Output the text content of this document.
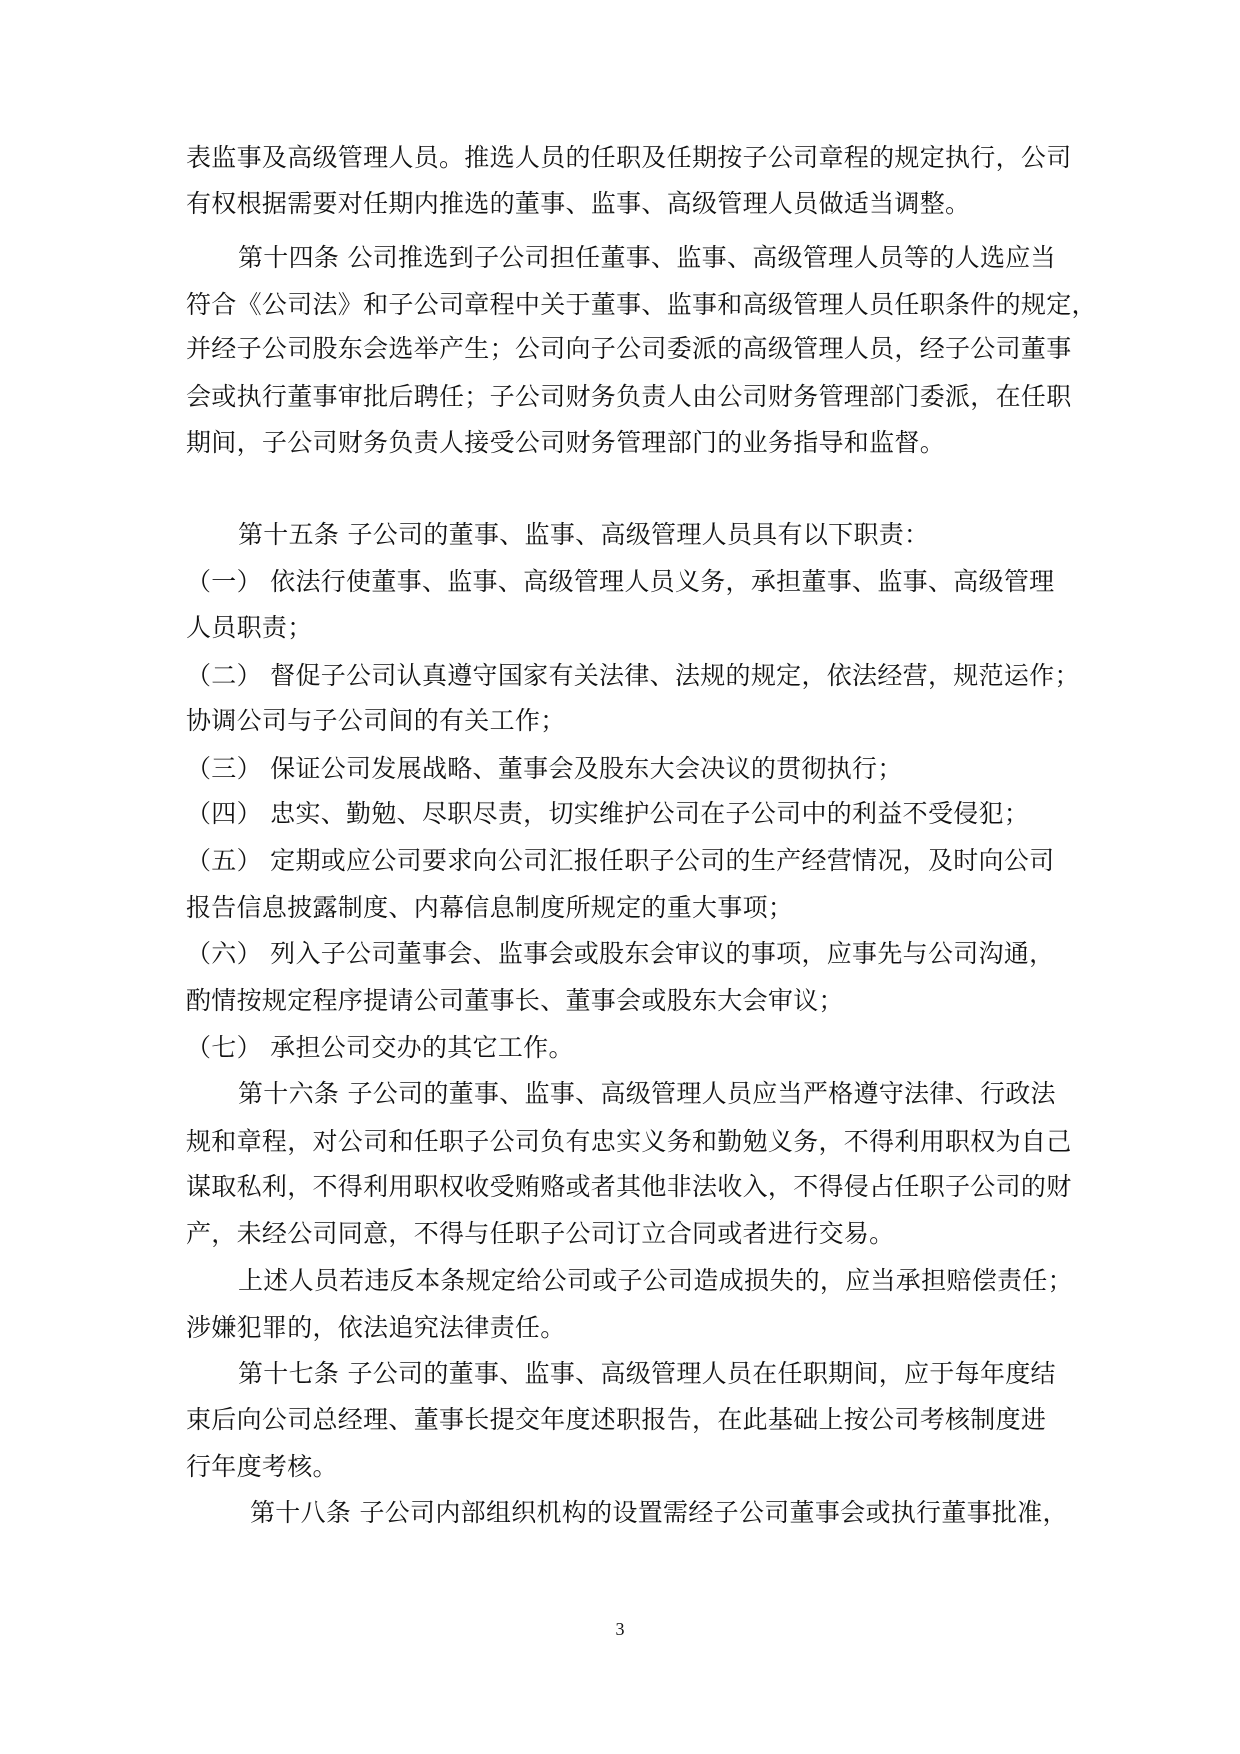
表监事及高级管理人员。推选人员的任职及任期按子公司章程的规定执行，公司

有权根据需要对任期内推选的董事、监事、高级管理人员做适当调整。

第十四条 公司推选到子公司担任董事、监事、高级管理人员等的人选应当

符合《公司法》和子公司章程中关于董事、监事和高级管理人员任职条件的规定，

并经子公司股东会选举产生；公司向子公司委派的高级管理人员，经子公司董事

会或执行董事审批后聘任；子公司财务负责人由公司财务管理部门委派，在任职

期间，子公司财务负责人接受公司财务管理部门的业务指导和监督。

第十五条 子公司的董事、监事、高级管理人员具有以下职责：

（一） 依法行使董事、监事、高级管理人员义务，承担董事、监事、高级管理

人员职责；

（二） 督促子公司认真遵守国家有关法律、法规的规定，依法经营，规范运作；

协调公司与子公司间的有关工作；

（三） 保证公司发展战略、董事会及股东大会决议的贯彻执行；

（四） 忠实、勤勉、尽职尽责，切实维护公司在子公司中的利益不受侵犯；

（五） 定期或应公司要求向公司汇报任职子公司的生产经营情况，及时向公司

报告信息披露制度、内幕信息制度所规定的重大事项；

（六） 列入子公司董事会、监事会或股东会审议的事项，应事先与公司沟通，

酌情按规定程序提请公司董事长、董事会或股东大会审议；

（七） 承担公司交办的其它工作。

第十六条 子公司的董事、监事、高级管理人员应当严格遵守法律、行政法

规和章程，对公司和任职子公司负有忠实义务和勤勉义务，不得利用职权为自己

谋取私利，不得利用职权收受贿赂或者其他非法收入，不得侵占任职子公司的财

产，未经公司同意，不得与任职子公司订立合同或者进行交易。

上述人员若违反本条规定给公司或子公司造成损失的，应当承担赔偿责任；

涉嫌犯罪的，依法追究法律责任。

第十七条 子公司的董事、监事、高级管理人员在任职期间，应于每年度结

束后向公司总经理、董事长提交年度述职报告，在此基础上按公司考核制度进

行年度考核。

第十八条 子公司内部组织机构的设置需经子公司董事会或执行董事批准，

3
